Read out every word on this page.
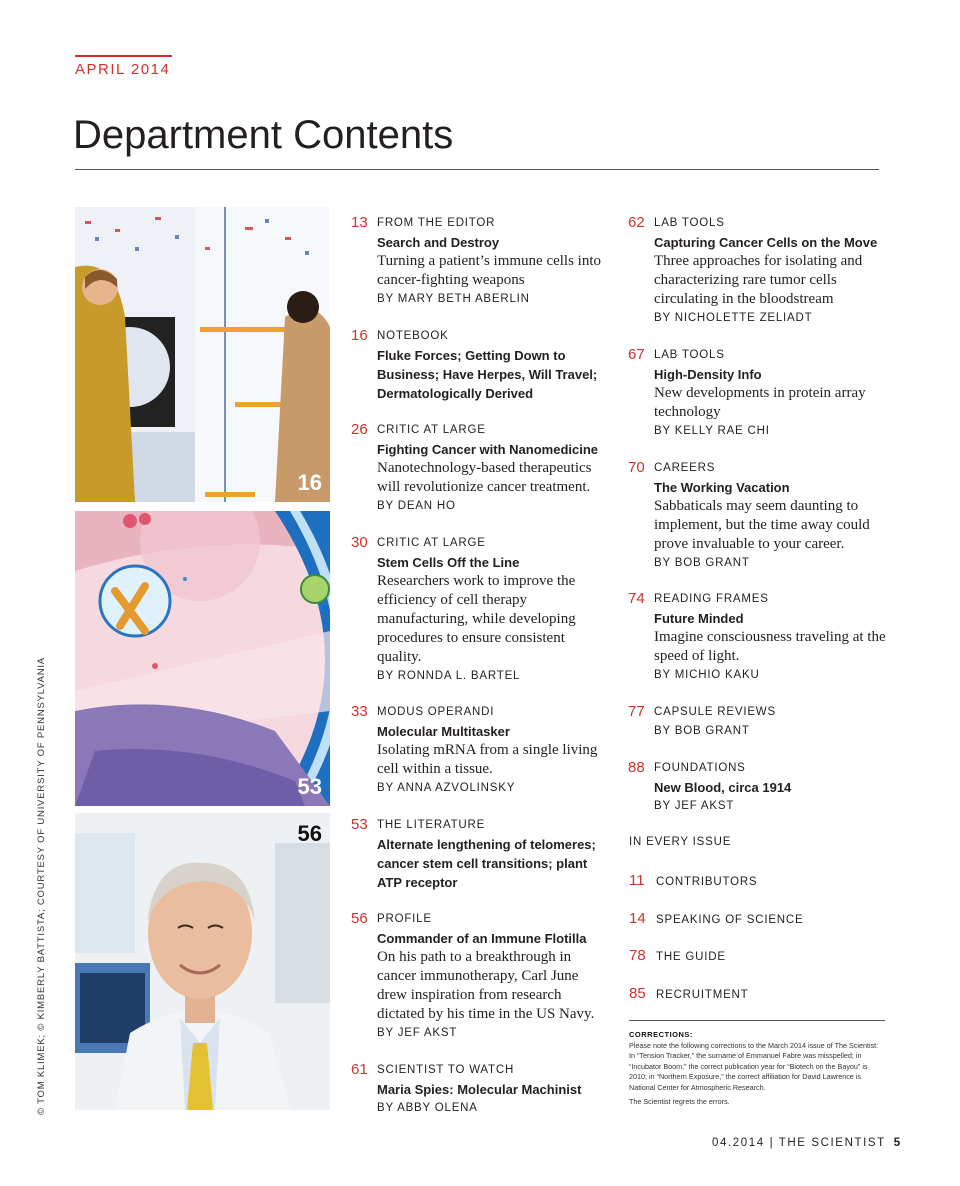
APRIL 2014
Department Contents
© TOM KLIMEK; © KIMBERLY BATTISTA; COURTESY OF UNIVERSITY OF PENNSYLVANIA
16
53
56
13 FROM THE EDITOR
Search and Destroy
Turning a patient’s immune cells into cancer-fighting weapons
BY MARY BETH ABERLIN
16 NOTEBOOK
Fluke Forces; Getting Down to Business; Have Herpes, Will Travel; Dermatologically Derived
26 CRITIC AT LARGE
Fighting Cancer with Nanomedicine
Nanotechnology-based therapeutics will revolutionize cancer treatment.
BY DEAN HO
30 CRITIC AT LARGE
Stem Cells Off the Line
Researchers work to improve the efficiency of cell therapy manufacturing, while developing procedures to ensure consistent quality.
BY RONNDA L. BARTEL
33 MODUS OPERANDI
Molecular Multitasker
Isolating mRNA from a single living cell within a tissue.
BY ANNA AZVOLINSKY
53 THE LITERATURE
Alternate lengthening of telomeres; cancer stem cell transitions; plant ATP receptor
56 PROFILE
Commander of an Immune Flotilla
On his path to a breakthrough in cancer immunotherapy, Carl June drew inspiration from research dictated by his time in the US Navy.
BY JEF AKST
61 SCIENTIST TO WATCH
Maria Spies: Molecular Machinist
BY ABBY OLENA
62 LAB TOOLS
Capturing Cancer Cells on the Move
Three approaches for isolating and characterizing rare tumor cells circulating in the bloodstream
BY NICHOLETTE ZELIADT
67 LAB TOOLS
High-Density Info
New developments in protein array technology
BY KELLY RAE CHI
70 CAREERS
The Working Vacation
Sabbaticals may seem daunting to implement, but the time away could prove invaluable to your career.
BY BOB GRANT
74 READING FRAMES
Future Minded
Imagine consciousness traveling at the speed of light.
BY MICHIO KAKU
77 CAPSULE REVIEWS
BY BOB GRANT
88 FOUNDATIONS
New Blood, circa 1914
BY JEF AKST
IN EVERY ISSUE
11 CONTRIBUTORS
14 SPEAKING OF SCIENCE
78 THE GUIDE
85 RECRUITMENT
CORRECTIONS:
Please note the following corrections to the March 2014 issue of The Scientist: In “Tension Tracker,” the surname of Emmanuel Fabre was misspelled; in “Incubator Boom,” the correct publication year for “Biotech on the Bayou” is 2010; in “Northern Exposure,” the correct affiliation for David Lawrence is National Center for Atmospheric Research.
The Scientist regrets the errors.
04.2014 | THE SCIENTIST 5
